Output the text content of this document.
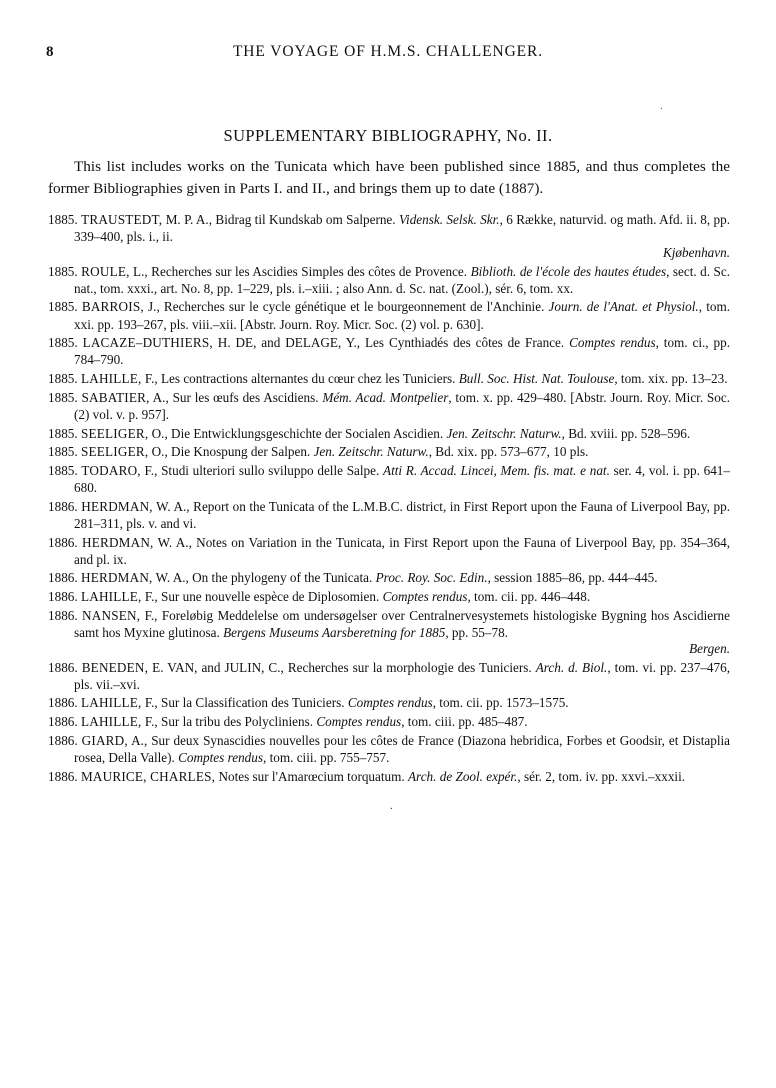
8	THE VOYAGE OF H.M.S. CHALLENGER.
.
SUPPLEMENTARY BIBLIOGRAPHY, No. II.
This list includes works on the Tunicata which have been published since 1885, and thus completes the former Bibliographies given in Parts I. and II., and brings them up to date (1887).
1885. TRAUSTEDT, M. P. A., Bidrag til Kundskab om Salperne. Vidensk. Selsk. Skr., 6 Række, naturvid. og math. Afd. ii. 8, pp. 339–400, pls. i., ii.
Kjøbenhavn.
1885. ROULE, L., Recherches sur les Ascidies Simples des côtes de Provence. Biblioth. de l'école des hautes études, sect. d. Sc. nat., tom. xxxi., art. No. 8, pp. 1–229, pls. i.–xiii. ; also Ann. d. Sc. nat. (Zool.), sér. 6, tom. xx.
1885. BARROIS, J., Recherches sur le cycle génétique et le bourgeonnement de l'Anchinie. Journ. de l'Anat. et Physiol., tom. xxi. pp. 193–267, pls. viii.–xii. [Abstr. Journ. Roy. Micr. Soc. (2) vol. p. 630].
1885. LACAZE–DUTHIERS, H. DE, and DELAGE, Y., Les Cynthiadés des côtes de France. Comptes rendus, tom. ci., pp. 784–790.
1885. LAHILLE, F., Les contractions alternantes du cœur chez les Tuniciers. Bull. Soc. Hist. Nat. Toulouse, tom. xix. pp. 13–23.
1885. SABATIER, A., Sur les œufs des Ascidiens. Mém. Acad. Montpelier, tom. x. pp. 429–480. [Abstr. Journ. Roy. Micr. Soc. (2) vol. v. p. 957].
1885. SEELIGER, O., Die Entwicklungsgeschichte der Socialen Ascidien. Jen. Zeitschr. Naturw., Bd. xviii. pp. 528–596.
1885. SEELIGER, O., Die Knospung der Salpen. Jen. Zeitschr. Naturw., Bd. xix. pp. 573–677, 10 pls.
1885. TODARO, F., Studi ulteriori sullo sviluppo delle Salpe. Atti R. Accad. Lincei, Mem. fis. mat. e nat. ser. 4, vol. i. pp. 641–680.
1886. HERDMAN, W. A., Report on the Tunicata of the L.M.B.C. district, in First Report upon the Fauna of Liverpool Bay, pp. 281–311, pls. v. and vi.
1886. HERDMAN, W. A., Notes on Variation in the Tunicata, in First Report upon the Fauna of Liverpool Bay, pp. 354–364, and pl. ix.
1886. HERDMAN, W. A., On the phylogeny of the Tunicata. Proc. Roy. Soc. Edin., session 1885–86, pp. 444–445.
1886. LAHILLE, F., Sur une nouvelle espèce de Diplosomien. Comptes rendus, tom. cii. pp. 446–448.
1886. NANSEN, F., Foreløbig Meddelelse om undersøgelser over Centralnervesystemets histologiske Bygning hos Ascidierne samt hos Myxine glutinosa. Bergens Museums Aarsberetning for 1885, pp. 55–78.
Bergen.
1886. BENEDEN, E. VAN, and JULIN, C., Recherches sur la morphologie des Tuniciers. Arch. d. Biol., tom. vi. pp. 237–476, pls. vii.–xvi.
1886. LAHILLE, F., Sur la Classification des Tuniciers. Comptes rendus, tom. cii. pp. 1573–1575.
1886. LAHILLE, F., Sur la tribu des Polycliniens. Comptes rendus, tom. ciii. pp. 485–487.
1886. GIARD, A., Sur deux Synascidies nouvelles pour les côtes de France (Diazona hebridica, Forbes et Goodsir, et Distaplia rosea, Della Valle). Comptes rendus, tom. ciii. pp. 755–757.
1886. MAURICE, CHARLES, Notes sur l'Amarœcium torquatum. Arch. de Zool. expér., sér. 2, tom. iv. pp. xxvi.–xxxii.
.
